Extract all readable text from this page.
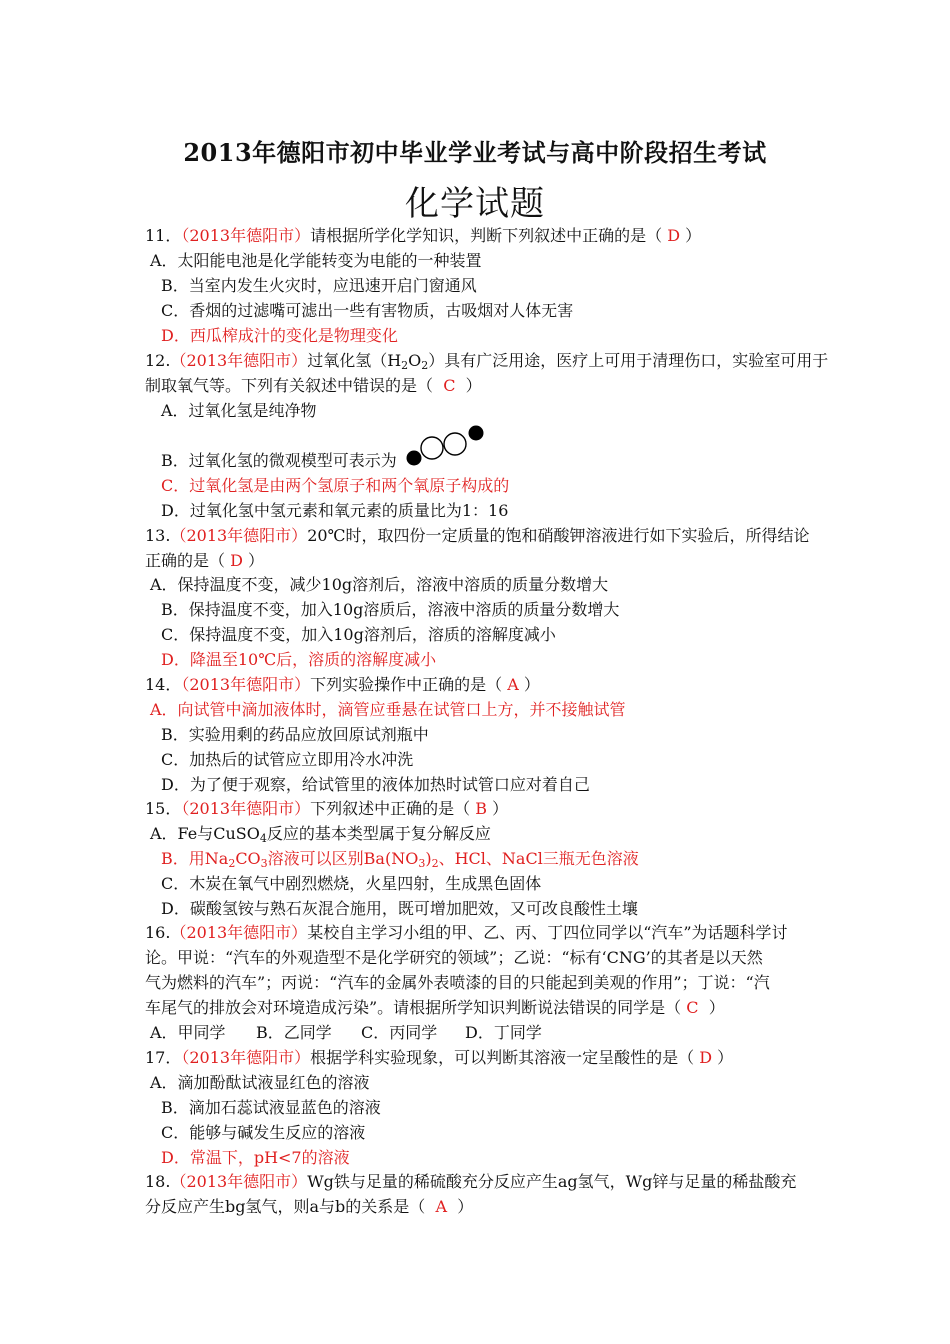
2013年德阳市初中毕业学业考试与高中阶段招生考试
化学试题
11．（2013年德阳市）请根据所学化学知识，判断下列叙述中正确的是（ D ）
A．太阳能电池是化学能转变为电能的一种装置
B．当室内发生火灾时，应迅速开启门窗通风
C．香烟的过滤嘴可滤出一些有害物质，古吸烟对人体无害
D．西瓜榨成汁的变化是物理变化
12.（2013年德阳市）过氧化氢$(H_2O_2)$具有广泛用途，医疗上可用于清理伤口，实验室可用于
制取氧气等。下列有关叙述中错误的是（ C ）
A．过氧化氢是纯净物
B．过氧化氢的微观模型可表示为
C．过氧化氢是由两个氢原子和两个氧原子构成的
D．过氧化氢中氢元素和氧元素的质量比为1：16
13.（2013年德阳市）20℃时，取四份一定质量的饱和硝酸钾溶液进行如下实验后，所得结论
正确的是（ D ）
A．保持温度不变，减少10g溶剂后，溶液中溶质的质量分数增大
B．保持温度不变，加入10g溶质后，溶液中溶质的质量分数增大
C．保持温度不变，加入10g溶剂后，溶质的溶解度减小
D．降温至10℃后，溶质的溶解度减小
14．（2013年德阳市）下列实验操作中正确的是（ A ）
A．向试管中滴加液体时，滴管应垂悬在试管口上方，并不接触试管
B．实验用剩的药品应放回原试剂瓶中
C．加热后的试管应立即用冷水冲洗
D．为了便于观察，给试管里的液体加热时试管口应对着自己
15．（2013年德阳市）下列叙述中正确的是（ B ）
A．Fe与CuSO$_4$反应的基本类型属于复分解反应
B．用$Na_2CO_3$溶液可以区别$Ba(NO_3)_2$、HCl、NaCl三瓶无色溶液
C．木炭在氧气中剧烈燃烧，火星四射，生成黑色固体
D．碳酸氢铵与熟石灰混合施用，既可增加肥效，又可改良酸性土壤
16.（2013年德阳市）某校自主学习小组的甲、乙、丙、丁四位同学以“汽车”为话题科学讨
论。甲说：“汽车的外观造型不是化学研究的领域”；乙说：“标有‘CNG’的其者是以天然
气为燃料的汽车”；丙说：“汽车的金属外表喷漆的目的只能起到美观的作用”；丁说：“汽
车尾气的排放会对环境造成污染”。请根据所学知识判断说法错误的同学是（ C ）
A．甲同学 B．乙同学 C．丙同学 D．丁同学
17．（2013年德阳市）根据学科实验现象，可以判断其溶液一定呈酸性的是（ D ）
A．滴加酚酞试液显红色的溶液
B．滴加石蕊试液显蓝色的溶液
C．能够与碱发生反应的溶液
D．常温下，pH<7的溶液
18.（2013年德阳市）Wg铁与足量的稀硫酸充分反应产生ag氢气，Wg锌与足量的稀盐酸充
分反应产生bg氢气，则a与b的关系是（ A ）
